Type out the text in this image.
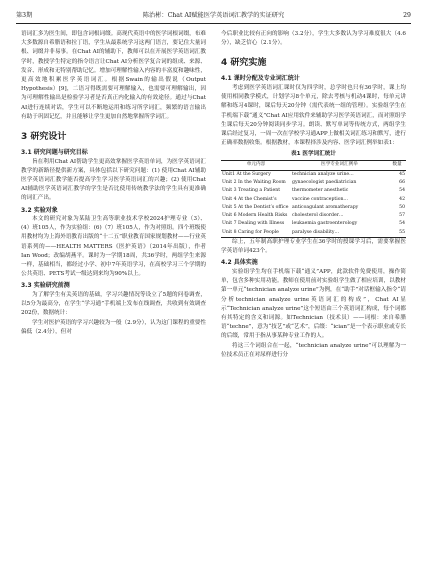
第3期	陈治彬：Chat AI赋能医学英语词汇教学的实证研究	29

语词汇多为医生间，即包含词根词缀。高现代英语中的医学词根词缀，布难大多数源自希腊语和拉丁语，学生从最系统学习这两门语言，要记住大量词根、词缀并非易事。在Chat AI的辅助下，教师可以在开展医学英语词汇教学时，教授学生特定的指令语言让Chat AI分析医学复合词的组成、来源、发音、形成和无特别帮助记忆。增加可理解性输入内容的丰富度和趣味性，更高效地积累医学英语词汇。根据Swain的输出假说（Output Hypothesis）[9]，二语习得既需要可理解输入，也需要可理解输出，因为可理解性输出是检验学习者是否真正内化输入的有效途径。通过与Chat AI进行连续对话，学生可以不断地运用和练习所学词汇，频繁的语言输出有助于巩固记忆，并且能够让学生更加自然地掌握所学词汇。

3 研究设计
3.1 研究问题与研究目标

旨在利用Chat AI帮助学生更高效掌握医学英语单词，为医学英语词汇教学的新路径提供新方案，具体包括以下研究问题：(1) 使用Chat AI辅助医学英语词汇教学能否提高学生学习医学英语词汇的兴趣；(2) 使用Chat AI辅助医学英语词汇教学的学生是否比使用传统教学法的学生具有更准确的词汇产出。

3.2 实验对象

本文的研究对象为某陆卫生高等职业技术学校2024护理专业（3）、(4）班105人，作为实验组：(6)（7）班105人，作为对照组。四个班级使用教材均为上海外语教育出版的“十二五”职业教育国家规划教材——行业英语系列的——HEALTH MATTERS《医护英语》（2014年出版），作者Ian Wood；改编胡燕平。课时为一学期18周，共36学时，两组学生来源一样，基础相当，都经过小学、初中7年英语学习，在高校学习三个学期的公共英语、PETS考试一级达到来均为90%以上。

3.3 实验研究前测

为了解学生有关英语的基础，学习兴趣情况等设立了5题的问卷调查，以5分为最高分，在学生“学习通”手机端上发布在线调查，共收到有效调查202份，数据统计：

学生对医护英语的学习兴趣较为一般（2.9分），认为这门课程的重要性偏低（2.4分），但对

今后职业比较有正向的影响（3.2分），学生大多数认为学习难度很大（4.6分），缺乏信心（2.1分）。

4 研究实施
4.1 课时分配及专业词汇统计

考虑到医学英语词汇课时仅为四学时，总学时也只有36学时，课上均使用相同教学模式，计划学习8个单元，除去考核与机动4课时，每单元讲解和练习4课时，课后每天20分钟（需代表统一组的管理）。实验组学生在手机端下载“通义”Chat AI应用软件来辅助学习医学英语词汇，而对照组学生课后每天20分钟阅读同步学习。朗读、默写单词等传统方式，两组学生课后经过复习，一周一次在学校学习通APP上做相关词汇练习和默写，进行正确率数据收集。根据教材，本课程择涉及内容、医学词汇例举如表1：

表1 医学词汇统计
单元内容	医学专业词汇例举	数量
Unit1 At the Surgery	technician analyze urine…	45
Unit 2 In the Waiting Room	gynaecologist paediatrician	66
Unit 3 Treating a Patient	thermometer anesthetic	54
Unit 4 At the Chemist’s	vaccine contraception…	42
Unit 5 At the Dentist’s office	anticoagulant aromatherapy	50
Unit 6 Modern Health Risks	cholesterol disorder…	57
Unit 7 Dealing with Illness	leukaemia gastroenterology	54
Unit 8 Caring for People	paralyse disability…	55

综上，五年制高职护理专业学生在36学时的授课学习后，需要掌握医学英语单词423个。

4.2 具体实施

实验组学生均在手机端下载“通义”APP，此款软件免费使用，操作简单，包含多种实用功能。教师在使用前对实验组学生做了相应培训，以教材第一单元“technician analyze urine”为例，在“助手”对话框输入指令“请分析technician analyze urine英语词汇的构成”，Chat AI显示“Technician analyze urine”这个短语由三个英语词汇构成，每个词都有其特定的含义和词源。如Technician（技术员）——词根：来自希腊语“techne”，意为“技艺”或“艺术”，后缀：“ician”是一个表示职业或专长的后缀，常用于指从事某种专业工作的人。

将这三个词组合在一起，“technician analyze urine”可以理解为一位技术员正在对尿样进行分
